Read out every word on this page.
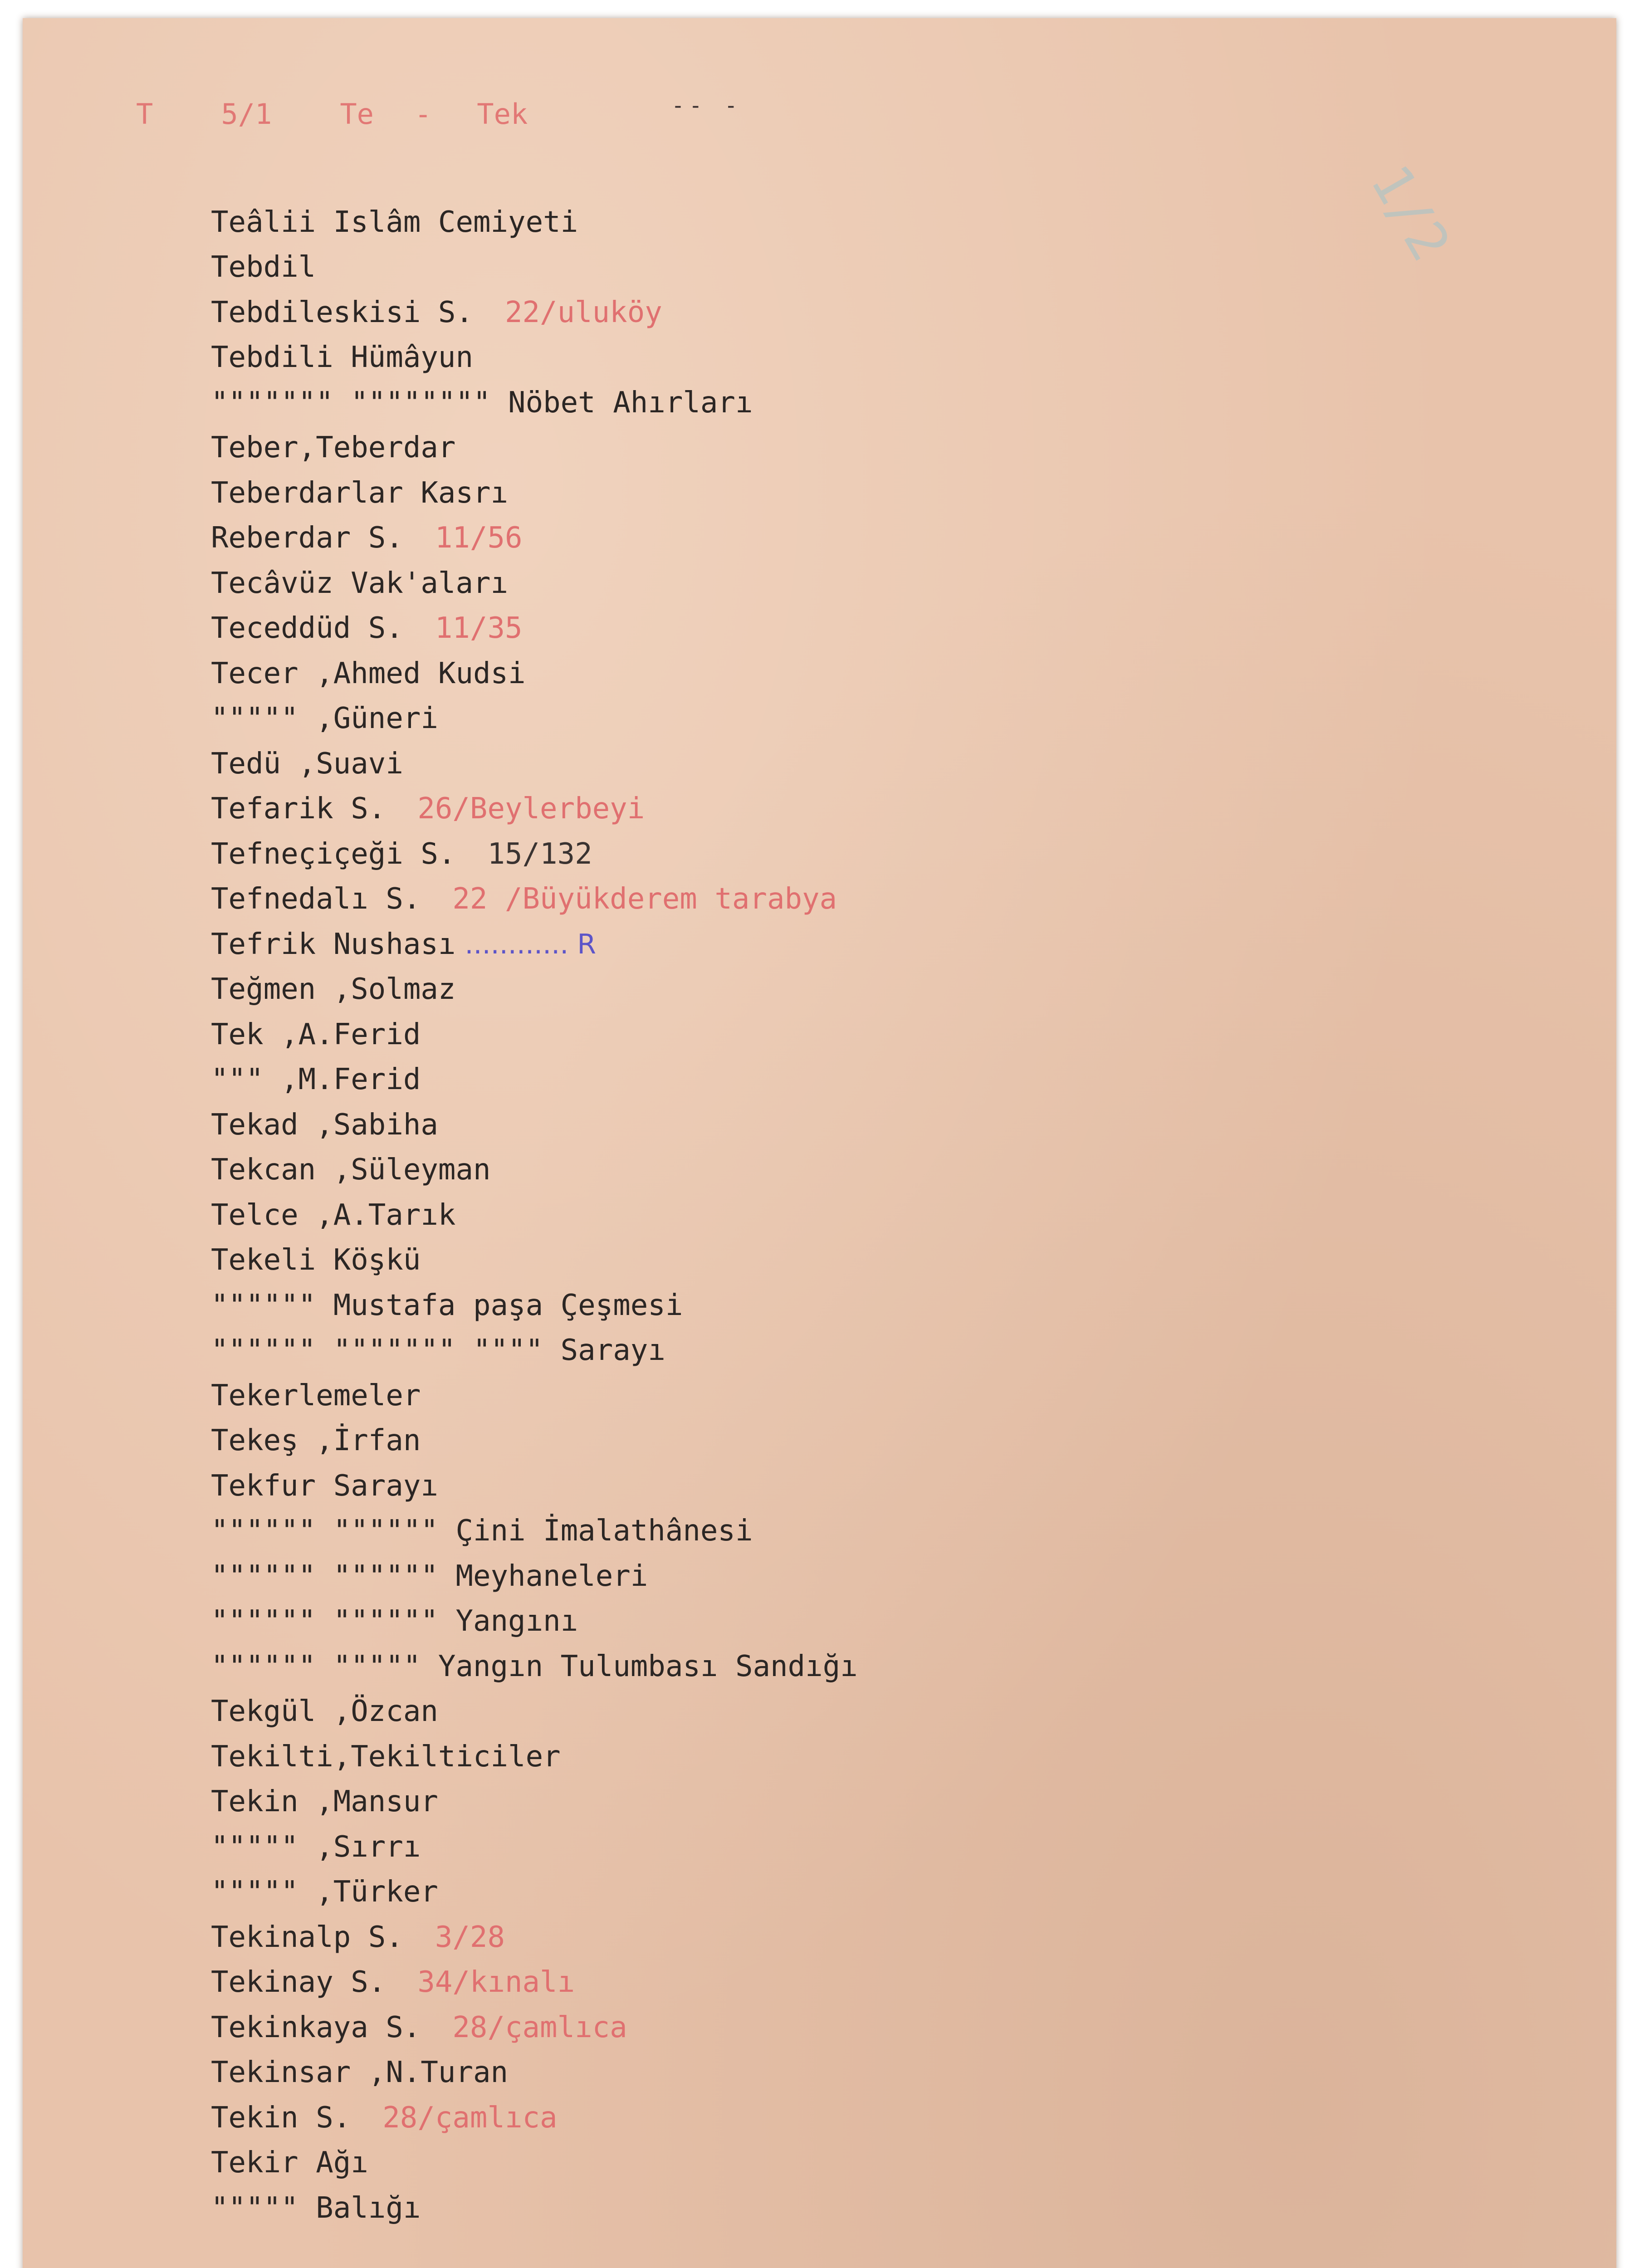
T 5/1 Te - Tek	-- -
1/2
Teâlii Islâm Cemiyeti
Tebdil
Tebdileskisi S. 22/uluköy
Tebdili Hümâyun
""""""" """""""" Nöbet Ahırları
Teber,Teberdar
Teberdarlar Kasrı
Reberdar S. 11/56
Tecâvüz Vak'aları
Teceddüd S. 11/35
Tecer ,Ahmed Kudsi
""""" ,Güneri
Tedü ,Suavi
Tefarik S. 26/Beylerbeyi
Tefneçiçeği S. 15/132
Tefnedalı S. 22 /Büyükderem tarabya
Tefrik Nushası ............ R
Teğmen ,Solmaz
Tek ,A.Ferid
""" ,M.Ferid
Tekad ,Sabiha
Tekcan ,Süleyman
Telce ,A.Tarık
Tekeli Köşkü
"""""" Mustafa paşa Çeşmesi
"""""" """"""" """" Sarayı
Tekerlemeler
Tekeş ,İrfan
Tekfur Sarayı
"""""" """""" Çini İmalathânesi
"""""" """""" Meyhaneleri
"""""" """""" Yangını
"""""" """"" Yangın Tulumbası Sandığı
Tekgül ,Özcan
Tekilti,Tekilticiler
Tekin ,Mansur
""""" ,Sırrı
""""" ,Türker
Tekinalp S. 3/28
Tekinay S. 34/kınalı
Tekinkaya S. 28/çamlıca
Tekinsar ,N.Turan
Tekin S. 28/çamlıca
Tekir Ağı
""""" Balığı
